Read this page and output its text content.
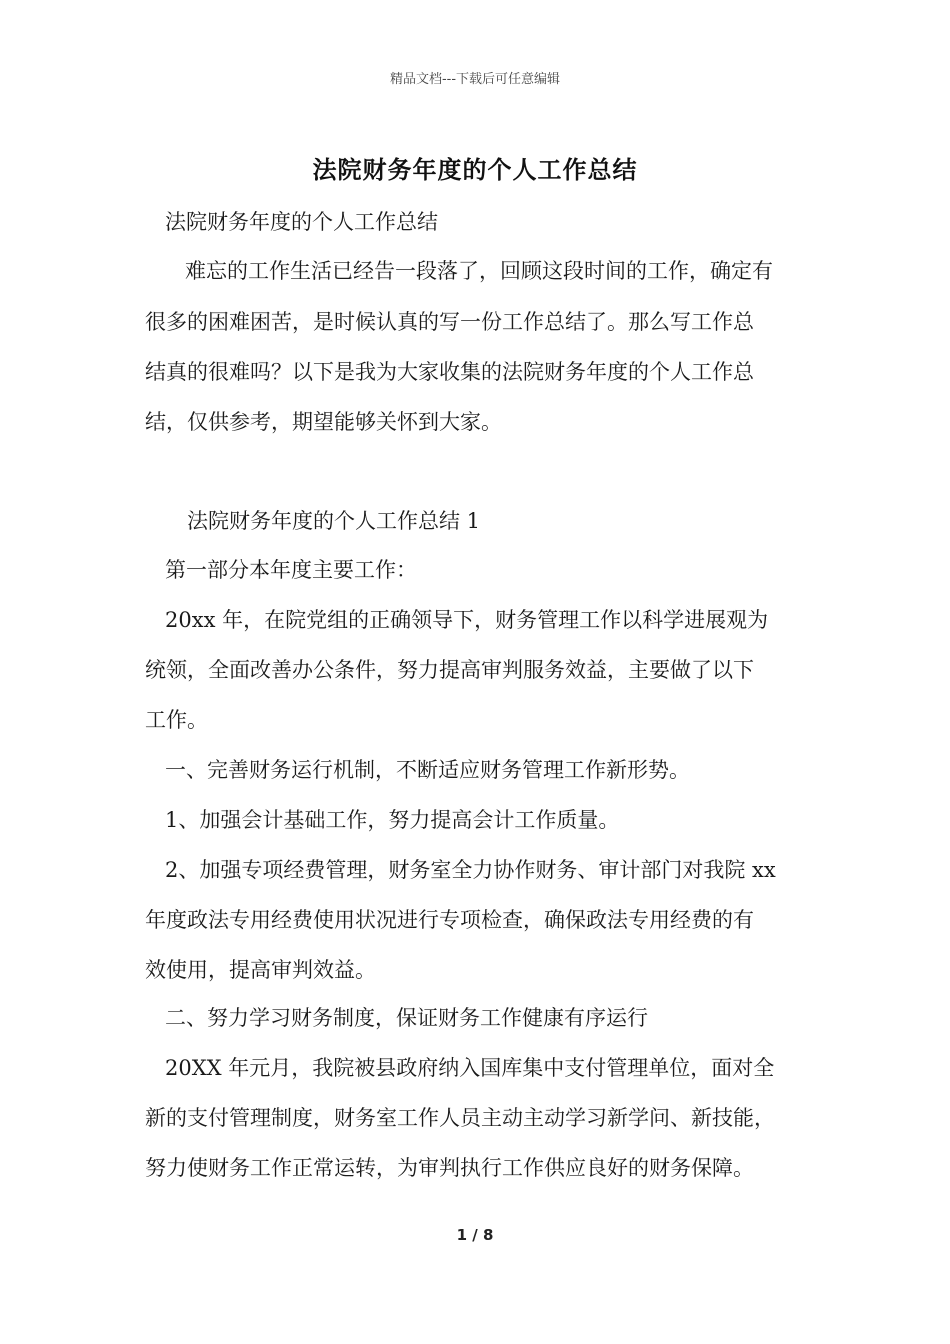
精品文档---下载后可任意编辑
法院财务年度的个人工作总结
法院财务年度的个人工作总结
难忘的工作生活已经告一段落了，回顾这段时间的工作，确定有
很多的困难困苦，是时候认真的写一份工作总结了。那么写工作总
结真的很难吗？以下是我为大家收集的法院财务年度的个人工作总
结，仅供参考，期望能够关怀到大家。
法院财务年度的个人工作总结 1
第一部分本年度主要工作：
20xx 年，在院党组的正确领导下，财务管理工作以科学进展观为
统领，全面改善办公条件，努力提高审判服务效益，主要做了以下
工作。
一、完善财务运行机制，不断适应财务管理工作新形势。
1、加强会计基础工作，努力提高会计工作质量。
2、加强专项经费管理，财务室全力协作财务、审计部门对我院 xx
年度政法专用经费使用状况进行专项检查，确保政法专用经费的有
效使用，提高审判效益。
二、努力学习财务制度，保证财务工作健康有序运行
20XX 年元月，我院被县政府纳入国库集中支付管理单位，面对全
新的支付管理制度，财务室工作人员主动主动学习新学问、新技能，
努力使财务工作正常运转，为审判执行工作供应良好的财务保障。
1 / 8
